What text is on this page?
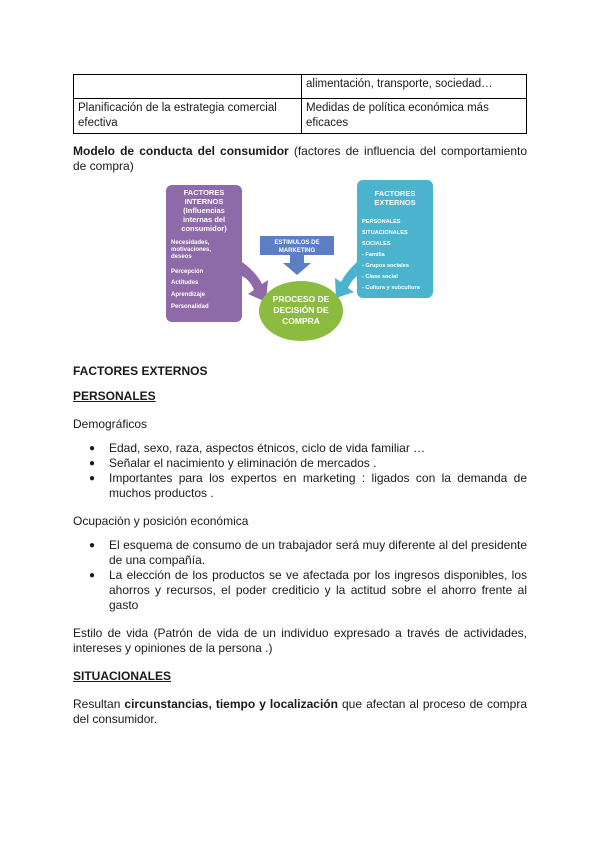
	alimentación, transporte, sociedad…
Planificación de la estrategia comercial efectiva	Medidas de política económica más eficaces

Modelo de conducta del consumidor (factores de influencia del comportamiento de compra)

FACTORES
INTERNOS
(Influencias
internas del
consumidor)
Necesidades,
motivaciones,
deseos
Percepción
Actitudes
Aprendizaje
Personalidad
FACTORES
EXTERNOS
PERSONALES
SITUACIONALES
SOCIALES
- Familia
- Grupos sociales
- Clase social
- Cultura y subcultura
ESTIMULOS DE
MARKETING
PROCESO DE
DECISIÓN DE
COMPRA

FACTORES EXTERNOS

PERSONALES

Demográficos

● Edad, sexo, raza, aspectos étnicos, ciclo de vida familiar …
● Señalar el nacimiento y eliminación de mercados .
● Importantes para los expertos en marketing : ligados con la demanda de muchos productos .

Ocupación y posición económica

● El esquema de consumo de un trabajador será muy diferente al del presidente de una compañía.
● La elección de los productos se ve afectada por los ingresos disponibles, los ahorros y recursos, el poder crediticio y la actitud sobre el ahorro frente al gasto

Estilo de vida (Patrón de vida de un individuo expresado a través de actividades, intereses y opiniones de la persona .)

SITUACIONALES

Resultan circunstancias, tiempo y localización que afectan al proceso de compra del consumidor.
